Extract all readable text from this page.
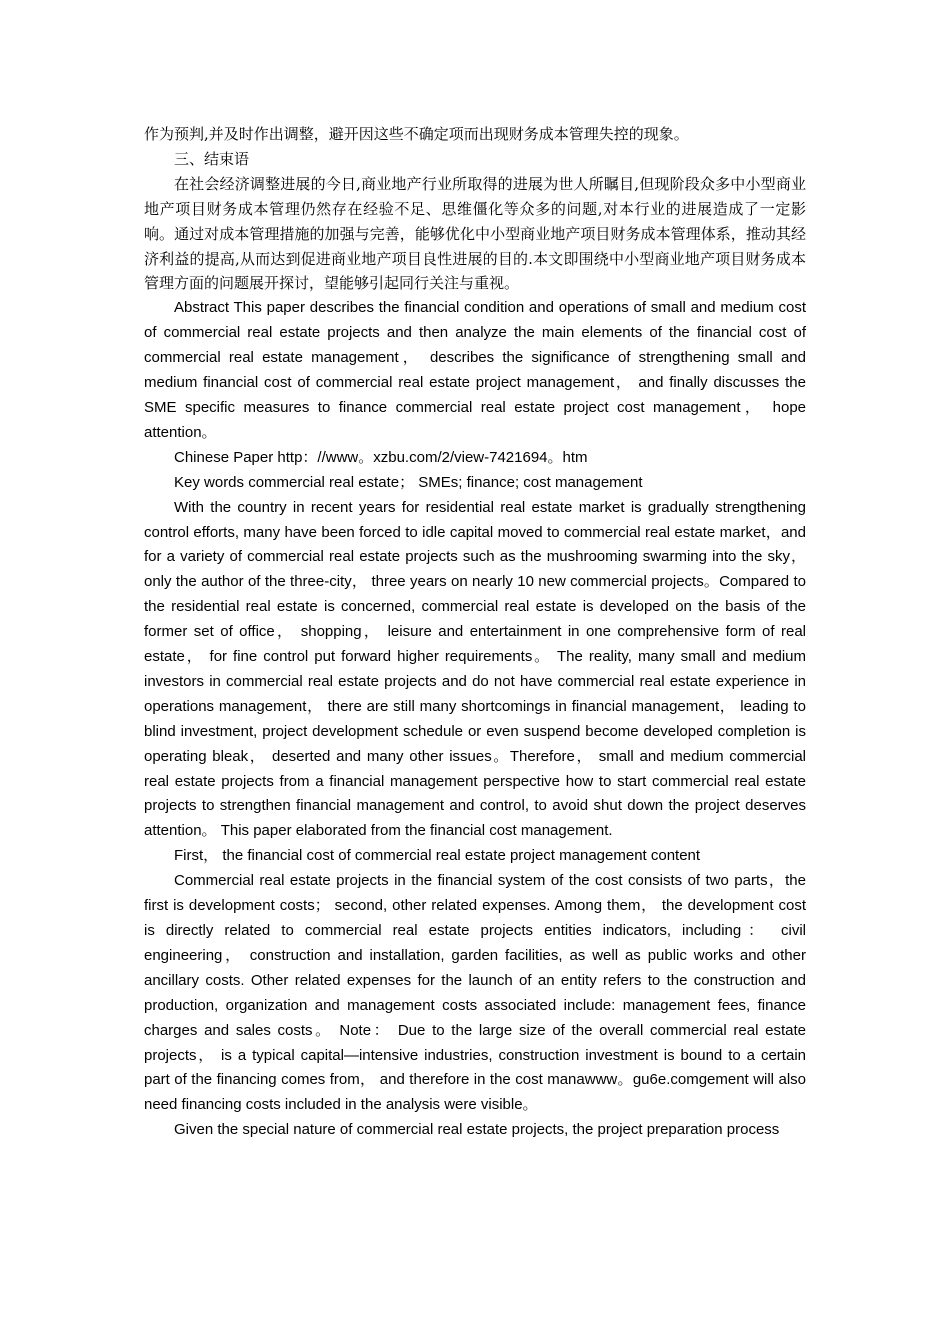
作为预判,并及时作出调整，避开因这些不确定项而出现财务成本管理失控的现象。

三、结束语

在社会经济调整进展的今日,商业地产行业所取得的进展为世人所瞩目,但现阶段众多中小型商业地产项目财务成本管理仍然存在经验不足、思维僵化等众多的问题,对本行业的进展造成了一定影响。通过对成本管理措施的加强与完善，能够优化中小型商业地产项目财务成本管理体系，推动其经济利益的提高,从而达到促进商业地产项目良性进展的目的.本文即围绕中小型商业地产项目财务成本管理方面的问题展开探讨，望能够引起同行关注与重视。

Abstract This paper describes the financial condition and operations of small and medium cost of commercial real estate projects and then analyze the main elements of the financial cost of commercial real estate management， describes the significance of strengthening small and medium financial cost of commercial real estate project management， and finally discusses the SME specific measures to finance commercial real estate project cost management， hope attention。

Chinese Paper http：//www。xzbu.com/2/view-7421694。htm

Key words commercial real estate； SMEs; finance; cost management

With the country in recent years for residential real estate market is gradually strengthening control efforts, many have been forced to idle capital moved to commercial real estate market，and for a variety of commercial real estate projects such as the mushrooming swarming into the sky， only the author of the three-city， three years on nearly 10 new commercial projects。Compared to the residential real estate is concerned, commercial real estate is developed on the basis of the former set of office， shopping， leisure and entertainment in one comprehensive form of real estate， for fine control put forward higher requirements。 The reality, many small and medium investors in commercial real estate projects and do not have commercial real estate experience in operations management， there are still many shortcomings in financial management， leading to blind investment, project development schedule or even suspend become developed completion is operating bleak， deserted and many other issues。Therefore， small and medium commercial real estate projects from a financial management perspective how to start commercial real estate projects to strengthen financial management and control, to avoid shut down the project deserves attention。 This paper elaborated from the financial cost management.

First， the financial cost of commercial real estate project management content

Commercial real estate projects in the financial system of the cost consists of two parts，the first is development costs； second, other related expenses. Among them， the development cost is directly related to commercial real estate projects entities indicators, including： civil engineering， construction and installation, garden facilities, as well as public works and other ancillary costs. Other related expenses for the launch of an entity refers to the construction and production, organization and management costs associated include: management fees, finance charges and sales costs。 Note： Due to the large size of the overall commercial real estate projects， is a typical capital—intensive industries, construction investment is bound to a certain part of the financing comes from， and therefore in the cost manawww。gu6e.comgement will also need financing costs included in the analysis were visible。

Given the special nature of commercial real estate projects, the project preparation process
